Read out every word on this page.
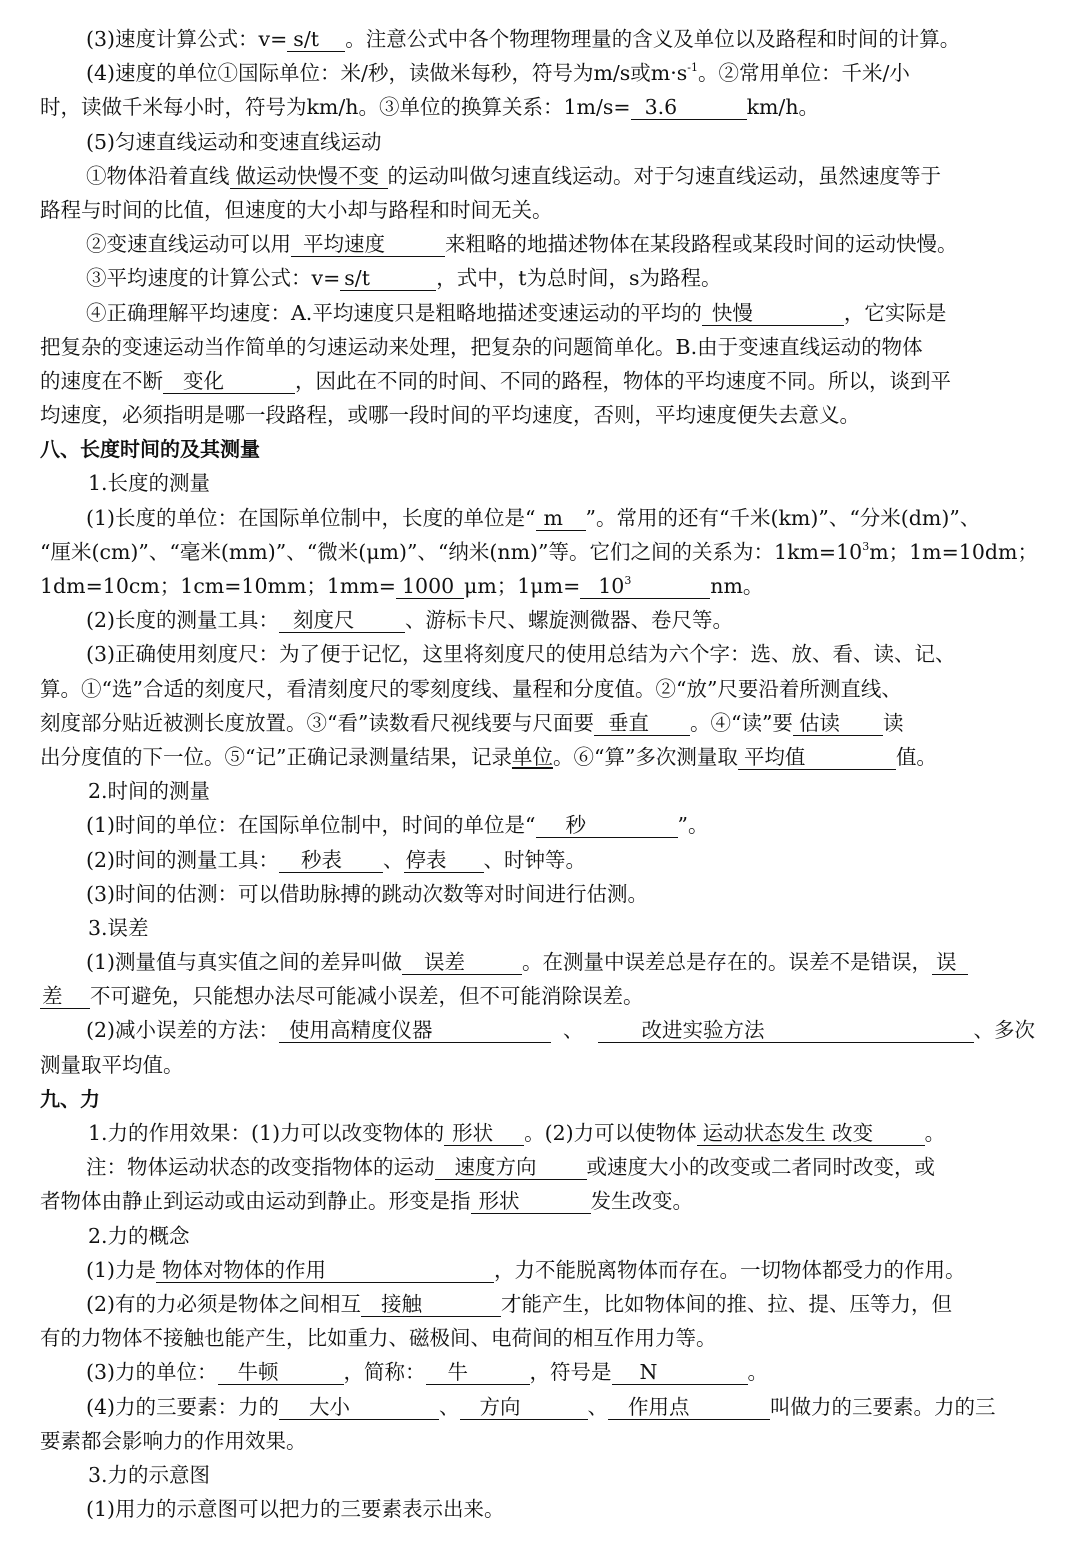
(3)速度计算公式：v= s/t 。注意公式中各个物理物理量的含义及单位以及路程和时间的计算。
(4)速度的单位①国际单位：米/秒，读做米每秒，符号为m/s或$m\cdot s^{-1}$。②常用单位：千米/小
时，读做千米每小时，符号为km/h。③单位的换算关系：1m/s= 3.6	km/h。
(5)匀速直线运动和变速直线运动
①物体沿着直线 做运动快慢不变 的运动叫做匀速直线运动。对于匀速直线运动，虽然速度等于
路程与时间的比值，但速度的大小却与路程和时间无关。
②变速直线运动可以用 平均速度	来粗略的地描述物体在某段路程或某段时间的运动快慢。
③平均速度的计算公式：v= s/t	，式中，t为总时间，s为路程。
④正确理解平均速度：A.平均速度只是粗略地描述变速运动的平均的 快慢	，它实际是
把复杂的变速运动当作简单的匀速运动来处理，把复杂的问题简单化。B.由于变速直线运动的物体
的速度在不断 变化	，因此在不同的时间、不同的路程，物体的平均速度不同。所以，谈到平
均速度，必须指明是哪一段路程，或哪一段时间的平均速度，否则，平均速度便失去意义。
八、长度时间的及其测量
1.长度的测量
(1)长度的单位：在国际单位制中，长度的单位是“ m ”。常用的还有“千米(km)”、“分米(dm)”、
“厘米(cm)”、“毫米(mm)”、“微米(μm)”、“纳米(nm)”等。它们之间的关系为：$1km=10^3m$；1m=10dm；
1dm=10cm；1cm=10mm；1mm= 1000 μm；$1\mu m= 10^3$	nm。
(2)长度的测量工具： 刻度尺 、游标卡尺、螺旋测微器、卷尺等。
(3)正确使用刻度尺：为了便于记忆，这里将刻度尺的使用总结为六个字：选、放、看、读、记、
算。①“选”合适的刻度尺，看清刻度尺的零刻度线、量程和分度值。②“放”尺要沿着所测直线、
刻度部分贴近被测长度放置。③“看”读数看尺视线要与尺面要 垂直 。④“读”要 估读 读
出分度值的下一位。⑤“记”正确记录测量结果，记录单位。⑥“算”多次测量取 平均值	值。
2.时间的测量
(1)时间的单位：在国际单位制中，时间的单位是“ 秒	”。
(2)时间的测量工具： 秒表 、停表 、时钟等。
(3)时间的估测：可以借助脉搏的跳动次数等对时间进行估测。
3.误差
(1)测量值与真实值之间的差异叫做 误差	。在测量中误差总是存在的。误差不是错误， 误
差 不可避免，只能想办法尽可能减小误差，但不可能消除误差。
(2)减小误差的方法： 使用高精度仪器	、	改进实验方法	、多次
测量取平均值。
九、力
1.力的作用效果：(1)力可以改变物体的 形状 。(2)力可以使物体 运动状态发生 改变	。
注：物体运动状态的改变指物体的运动 速度方向 或速度大小的改变或二者同时改变，或
者物体由静止到运动或由运动到静止。形变是指 形状	发生改变。
2.力的概念
(1)力是 物体对物体的作用	，力不能脱离物体而存在。一切物体都受力的作用。
(2)有的力必须是物体之间相互 接触	才能产生，比如物体间的推、拉、提、压等力，但
有的力物体不接触也能产生，比如重力、磁极间、电荷间的相互作用力等。
(3)力的单位： 牛顿	，简称： 牛	，符号是 N	。
(4)力的三要素：力的 大小	、 方向	、 作用点	叫做力的三要素。力的三
要素都会影响力的作用效果。
3.力的示意图
(1)用力的示意图可以把力的三要素表示出来。
